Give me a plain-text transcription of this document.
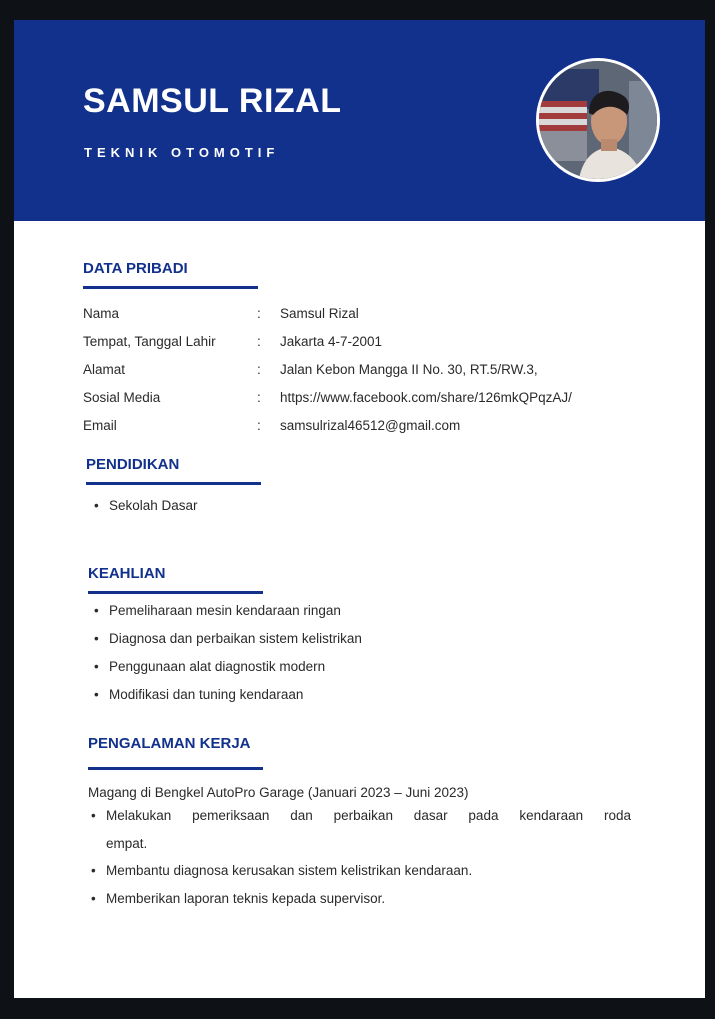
SAMSUL RIZAL
TEKNIK OTOMOTIF
DATA PRIBADI
Nama	: Samsul Rizal
Tempat, Tanggal Lahir	: Jakarta 4-7-2001
Alamat	: Jalan Kebon Mangga II No. 30, RT.5/RW.3,
Sosial Media	: https://www.facebook.com/share/126mkQPqzAJ/
Email	: samsulrizal46512@gmail.com
PENDIDIKAN
• Sekolah Dasar
KEAHLIAN
• Pemeliharaan mesin kendaraan ringan
• Diagnosa dan perbaikan sistem kelistrikan
• Penggunaan alat diagnostik modern
• Modifikasi dan tuning kendaraan
PENGALAMAN KERJA
Magang di Bengkel AutoPro Garage (Januari 2023 – Juni 2023)
• Melakukan pemeriksaan dan perbaikan dasar pada kendaraan roda
empat.
• Membantu diagnosa kerusakan sistem kelistrikan kendaraan.
• Memberikan laporan teknis kepada supervisor.
